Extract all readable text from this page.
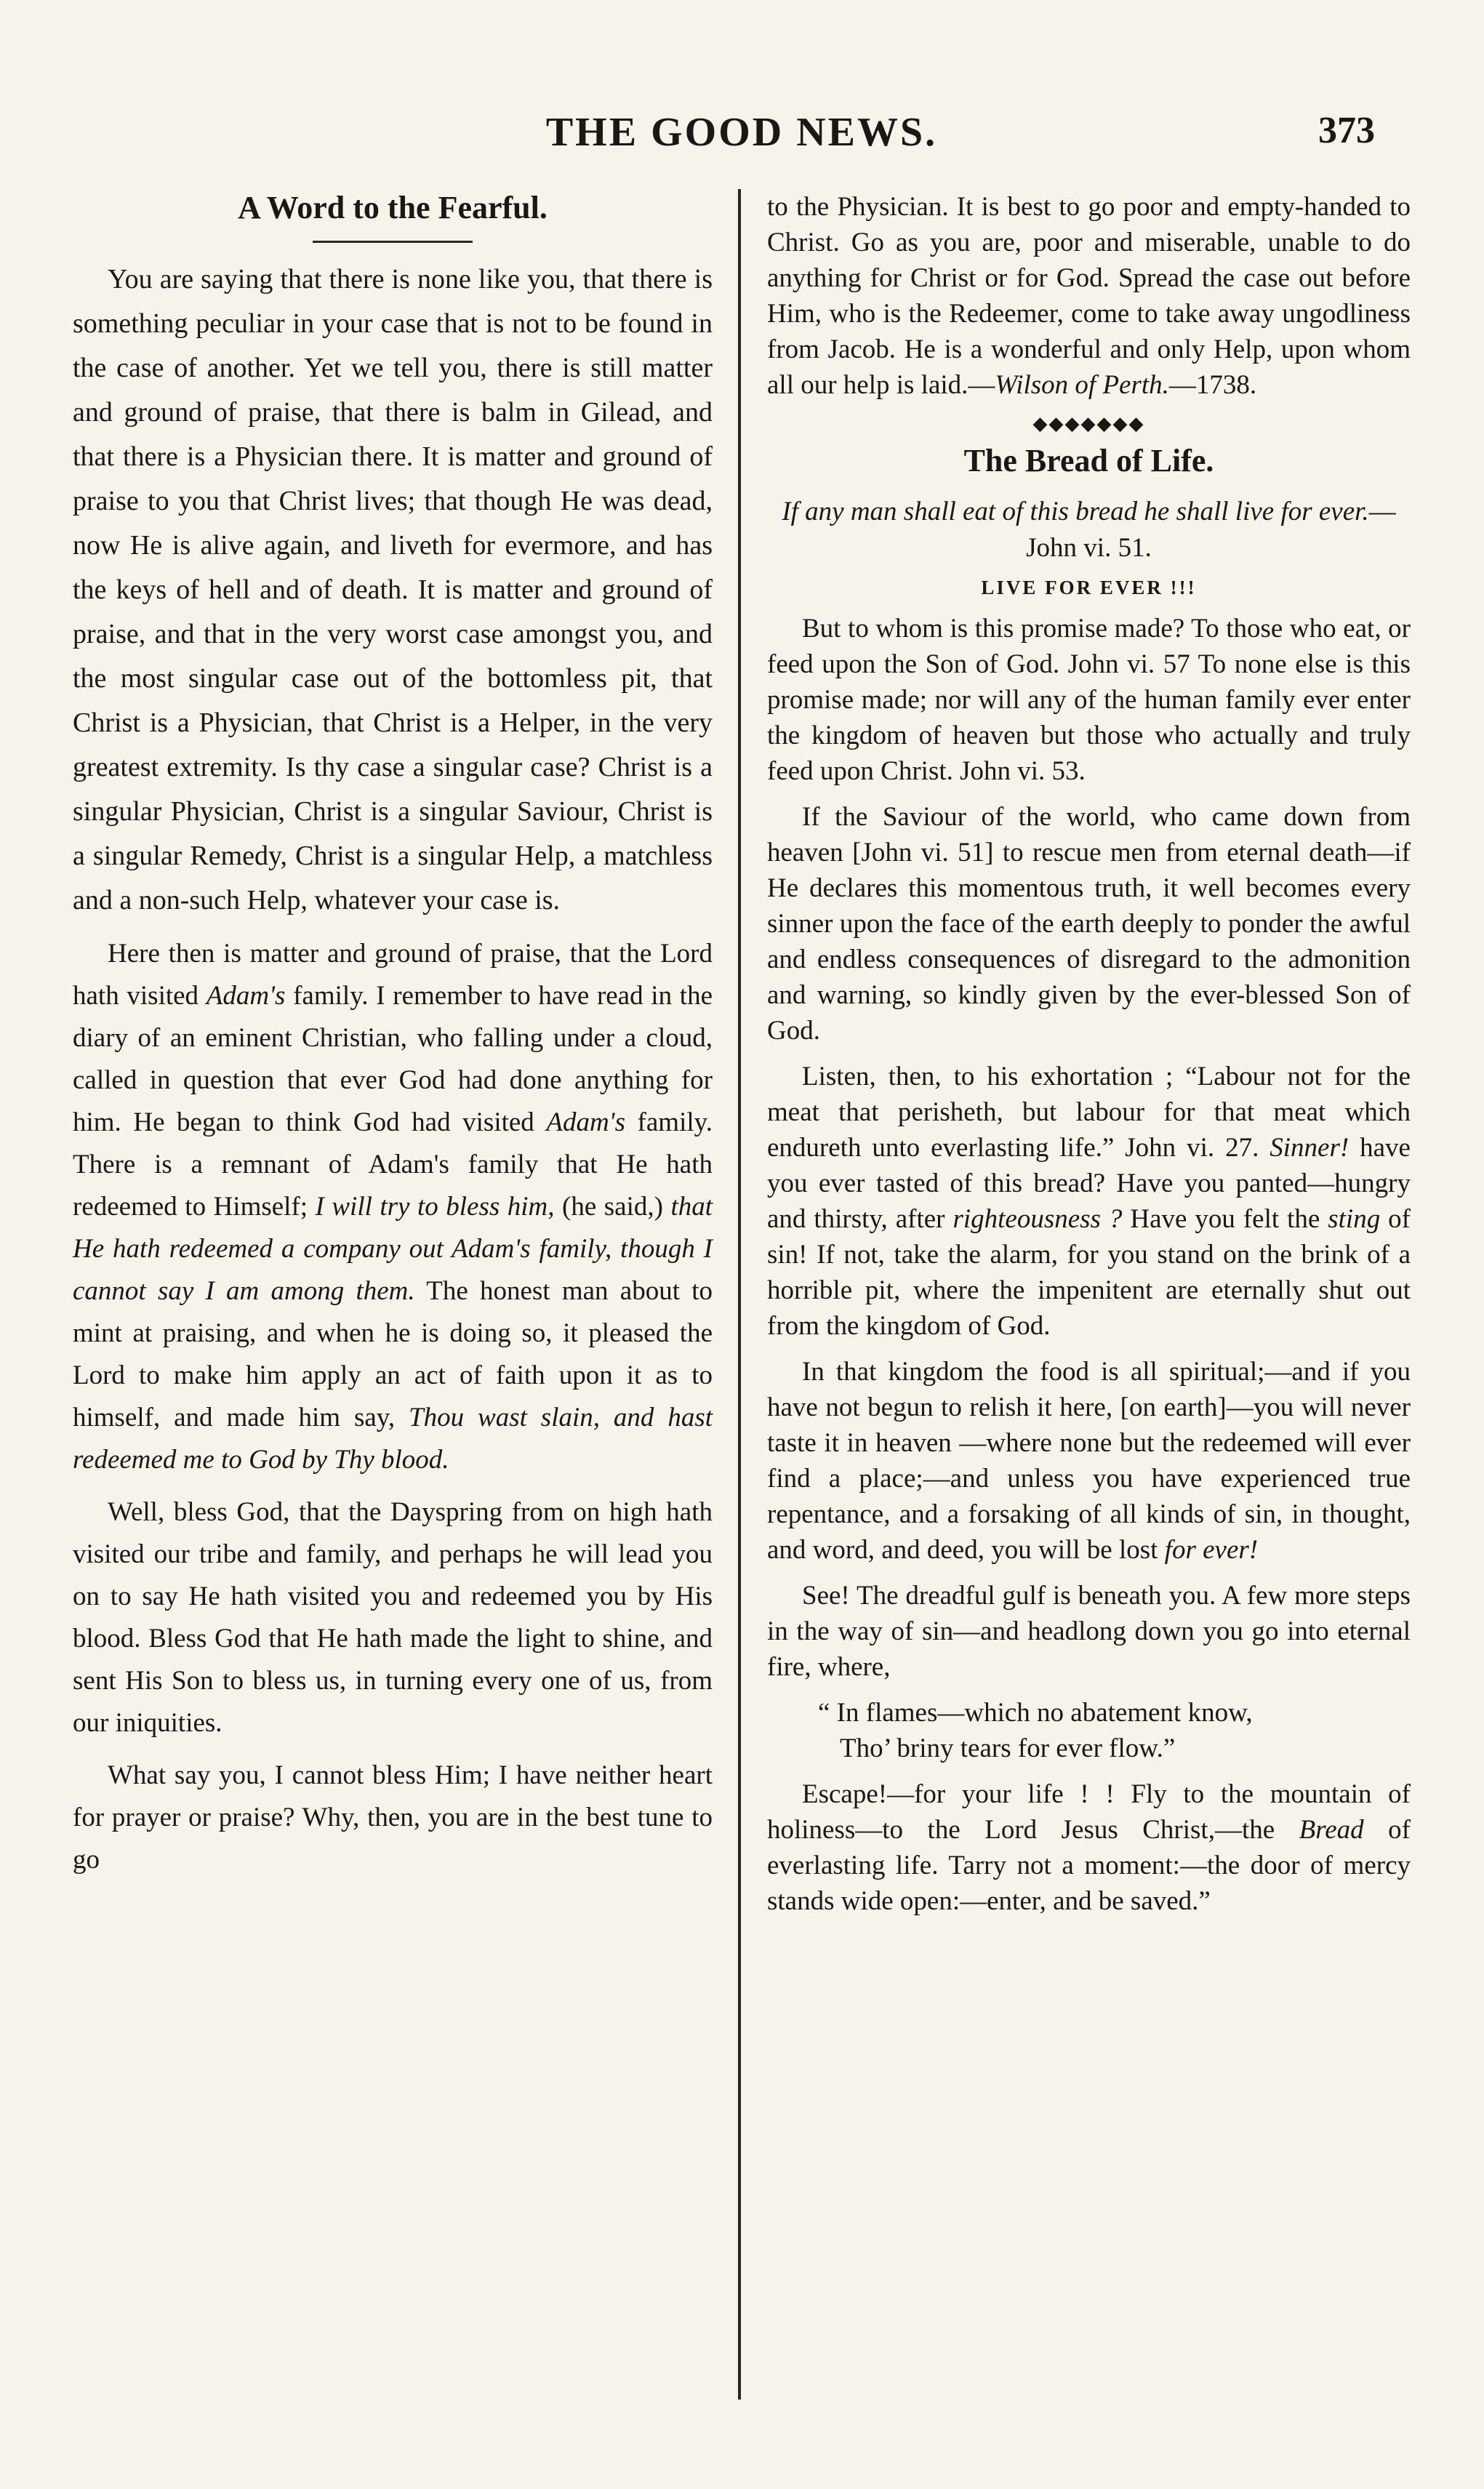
THE GOOD NEWS.	373
A Word to the Fearful.

You are saying that there is none like you, that there is something peculiar in your case that is not to be found in the case of another. Yet we tell you, there is still matter and ground of praise, that there is balm in Gilead, and that there is a Physician there. It is matter and ground of praise to you that Christ lives; that though He was dead, now He is alive again, and liveth for evermore, and has the keys of hell and of death. It is matter and ground of praise, and that in the very worst case amongst you, and the most singular case out of the bottomless pit, that Christ is a Physician, that Christ is a Helper, in the very greatest extremity. Is thy case a singular case? Christ is a singular Physician, Christ is a singular Saviour, Christ is a singular Remedy, Christ is a singular Help, a matchless and a non-such Help, whatever your case is.

Here then is matter and ground of praise, that the Lord hath visited Adam's family. I remember to have read in the diary of an eminent Christian, who falling under a cloud, called in question that ever God had done anything for him. He began to think God had visited Adam's family. There is a remnant of Adam's family that He hath redeemed to Himself; I will try to bless him, (he said,) that He hath redeemed a company out Adam's family, though I cannot say I am among them. The honest man about to mint at praising, and when he is doing so, it pleased the Lord to make him apply an act of faith upon it as to himself, and made him say, Thou wast slain, and hast redeemed me to God by Thy blood.

Well, bless God, that the Dayspring from on high hath visited our tribe and family, and perhaps he will lead you on to say He hath visited you and redeemed you by His blood. Bless God that He hath made the light to shine, and sent His Son to bless us, in turning every one of us, from our iniquities.

What say you, I cannot bless Him; I have neither heart for prayer or praise? Why, then, you are in the best tune to go

to the Physician. It is best to go poor and empty-handed to Christ. Go as you are, poor and miserable, unable to do anything for Christ or for God. Spread the case out before Him, who is the Redeemer, come to take away ungodliness from Jacob. He is a wonderful and only Help, upon whom all our help is laid.—Wilson of Perth.—1738.

◆◆◆◆◆◆◆
The Bread of Life.
If any man shall eat of this bread he shall live for ever.—John vi. 51.
LIVE FOR EVER !!!

But to whom is this promise made? To those who eat, or feed upon the Son of God. John vi. 57 To none else is this promise made; nor will any of the human family ever enter the kingdom of heaven but those who actually and truly feed upon Christ. John vi. 53.

If the Saviour of the world, who came down from heaven [John vi. 51] to rescue men from eternal death—if He declares this momentous truth, it well becomes every sinner upon the face of the earth deeply to ponder the awful and endless consequences of disregard to the admonition and warning, so kindly given by the ever-blessed Son of God.

Listen, then, to his exhortation ; “Labour not for the meat that perisheth, but labour for that meat which endureth unto everlasting life.” John vi. 27. Sinner! have you ever tasted of this bread? Have you panted—hungry and thirsty, after righteousness ? Have you felt the sting of sin! If not, take the alarm, for you stand on the brink of a horrible pit, where the impenitent are eternally shut out from the kingdom of God.

In that kingdom the food is all spiritual;—and if you have not begun to relish it here, [on earth]—you will never taste it in heaven —where none but the redeemed will ever find a place;—and unless you have experienced true repentance, and a forsaking of all kinds of sin, in thought, and word, and deed, you will be lost for ever!

See! The dreadful gulf is beneath you. A few more steps in the way of sin—and headlong down you go into eternal fire, where,

“ In flames—which no abatement know,
Tho’ briny tears for ever flow.”

Escape!—for your life ! ! Fly to the mountain of holiness—to the Lord Jesus Christ,—the Bread of everlasting life. Tarry not a moment:—the door of mercy stands wide open:—enter, and be saved.”
